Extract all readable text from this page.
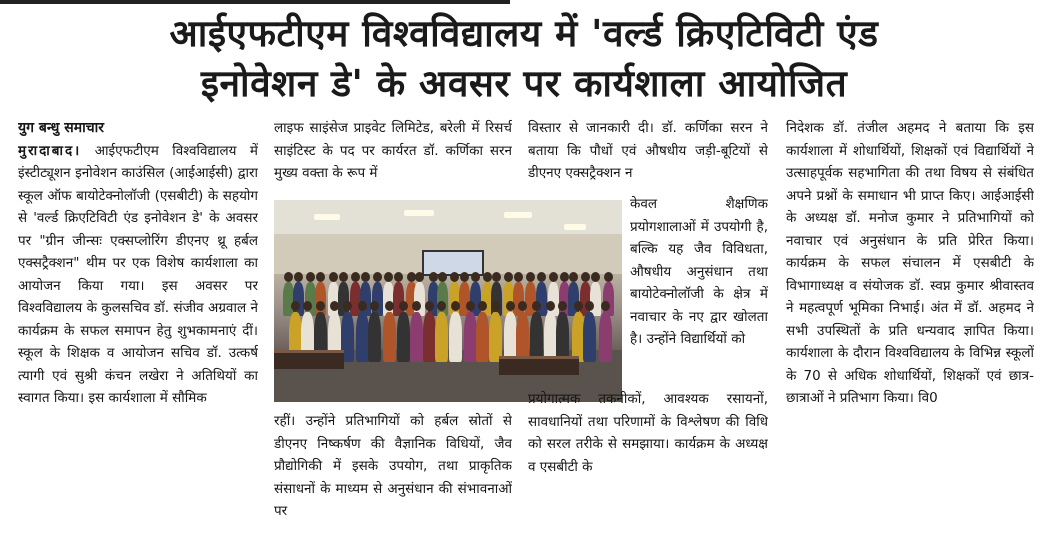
आईएफटीएम विश्वविद्यालय में 'वर्ल्ड क्रिएटिविटी एंड
इनोवेशन डे' के अवसर पर कार्यशाला आयोजित

युग बन्धु समाचार

मुरादाबाद। आईएफटीएम विश्वविद्यालय में इंस्टीट्यूशन इनोवेशन काउंसिल (आईआईसी) द्वारा स्कूल ऑफ बायोटेक्नोलॉजी (एसबीटी) के सहयोग से 'वर्ल्ड क्रिएटिविटी एंड इनोवेशन डे' के अवसर पर "ग्रीन जीन्सः एक्सप्लोरिंग डीएनए थ्रू हर्बल एक्सट्रैक्शन" थीम पर एक विशेष कार्यशाला का आयोजन किया गया। इस अवसर पर विश्वविद्यालय के कुलसचिव डॉ. संजीव अग्रवाल ने कार्यक्रम के सफल समापन हेतु शुभकामनाएं दीं। स्कूल के शिक्षक व आयोजन सचिव डॉ. उत्कर्ष त्यागी एवं सुश्री कंचन लखेरा ने अतिथियों का स्वागत किया। इस कार्यशाला में सौमिक

लाइफ साइंसेज प्राइवेट लिमिटेड, बरेली में रिसर्च साइंटिस्ट के पद पर कार्यरत डॉ. कर्णिका सरन मुख्य वक्ता के रूप में

रहीं। उन्होंने प्रतिभागियों को हर्बल स्रोतों से डीएनए निष्कर्षण की वैज्ञानिक विधियों, जैव प्रौद्योगिकी में इसके उपयोग, तथा प्राकृतिक संसाधनों के माध्यम से अनुसंधान की संभावनाओं पर

विस्तार से जानकारी दी। डॉ. कर्णिका सरन ने बताया कि पौधों एवं औषधीय जड़ी-बूटियों से डीएनए एक्सट्रैक्शन न

केवल शैक्षणिक प्रयोगशालाओं में उपयोगी है, बल्कि यह जैव विविधता, औषधीय अनुसंधान तथा बायोटेक्नोलॉजी के क्षेत्र में नवाचार के नए द्वार खोलता है। उन्होंने विद्यार्थियों को

प्रयोगात्मक तकनीकों, आवश्यक रसायनों, सावधानियों तथा परिणामों के विश्लेषण की विधि को सरल तरीके से समझाया। कार्यक्रम के अध्यक्ष व एसबीटी के

निदेशक डॉ. तंजील अहमद ने बताया कि इस कार्यशाला में शोधार्थियों, शिक्षकों एवं विद्यार्थियों ने उत्साहपूर्वक सहभागिता की तथा विषय से संबंधित अपने प्रश्नों के समाधान भी प्राप्त किए। आईआईसी के अध्यक्ष डॉ. मनोज कुमार ने प्रतिभागियों को नवाचार एवं अनुसंधान के प्रति प्रेरित किया। कार्यक्रम के सफल संचालन में एसबीटी के विभागाध्यक्ष व संयोजक डॉ. स्वप्न कुमार श्रीवास्तव ने महत्वपूर्ण भूमिका निभाई। अंत में डॉ. अहमद ने सभी उपस्थितों के प्रति धन्यवाद ज्ञापित किया। कार्यशाला के दौरान विश्वविद्यालय के विभिन्न स्कूलों के 70 से अधिक शोधार्थियों, शिक्षकों एवं छात्र-छात्राओं ने प्रतिभाग किया। वि0
